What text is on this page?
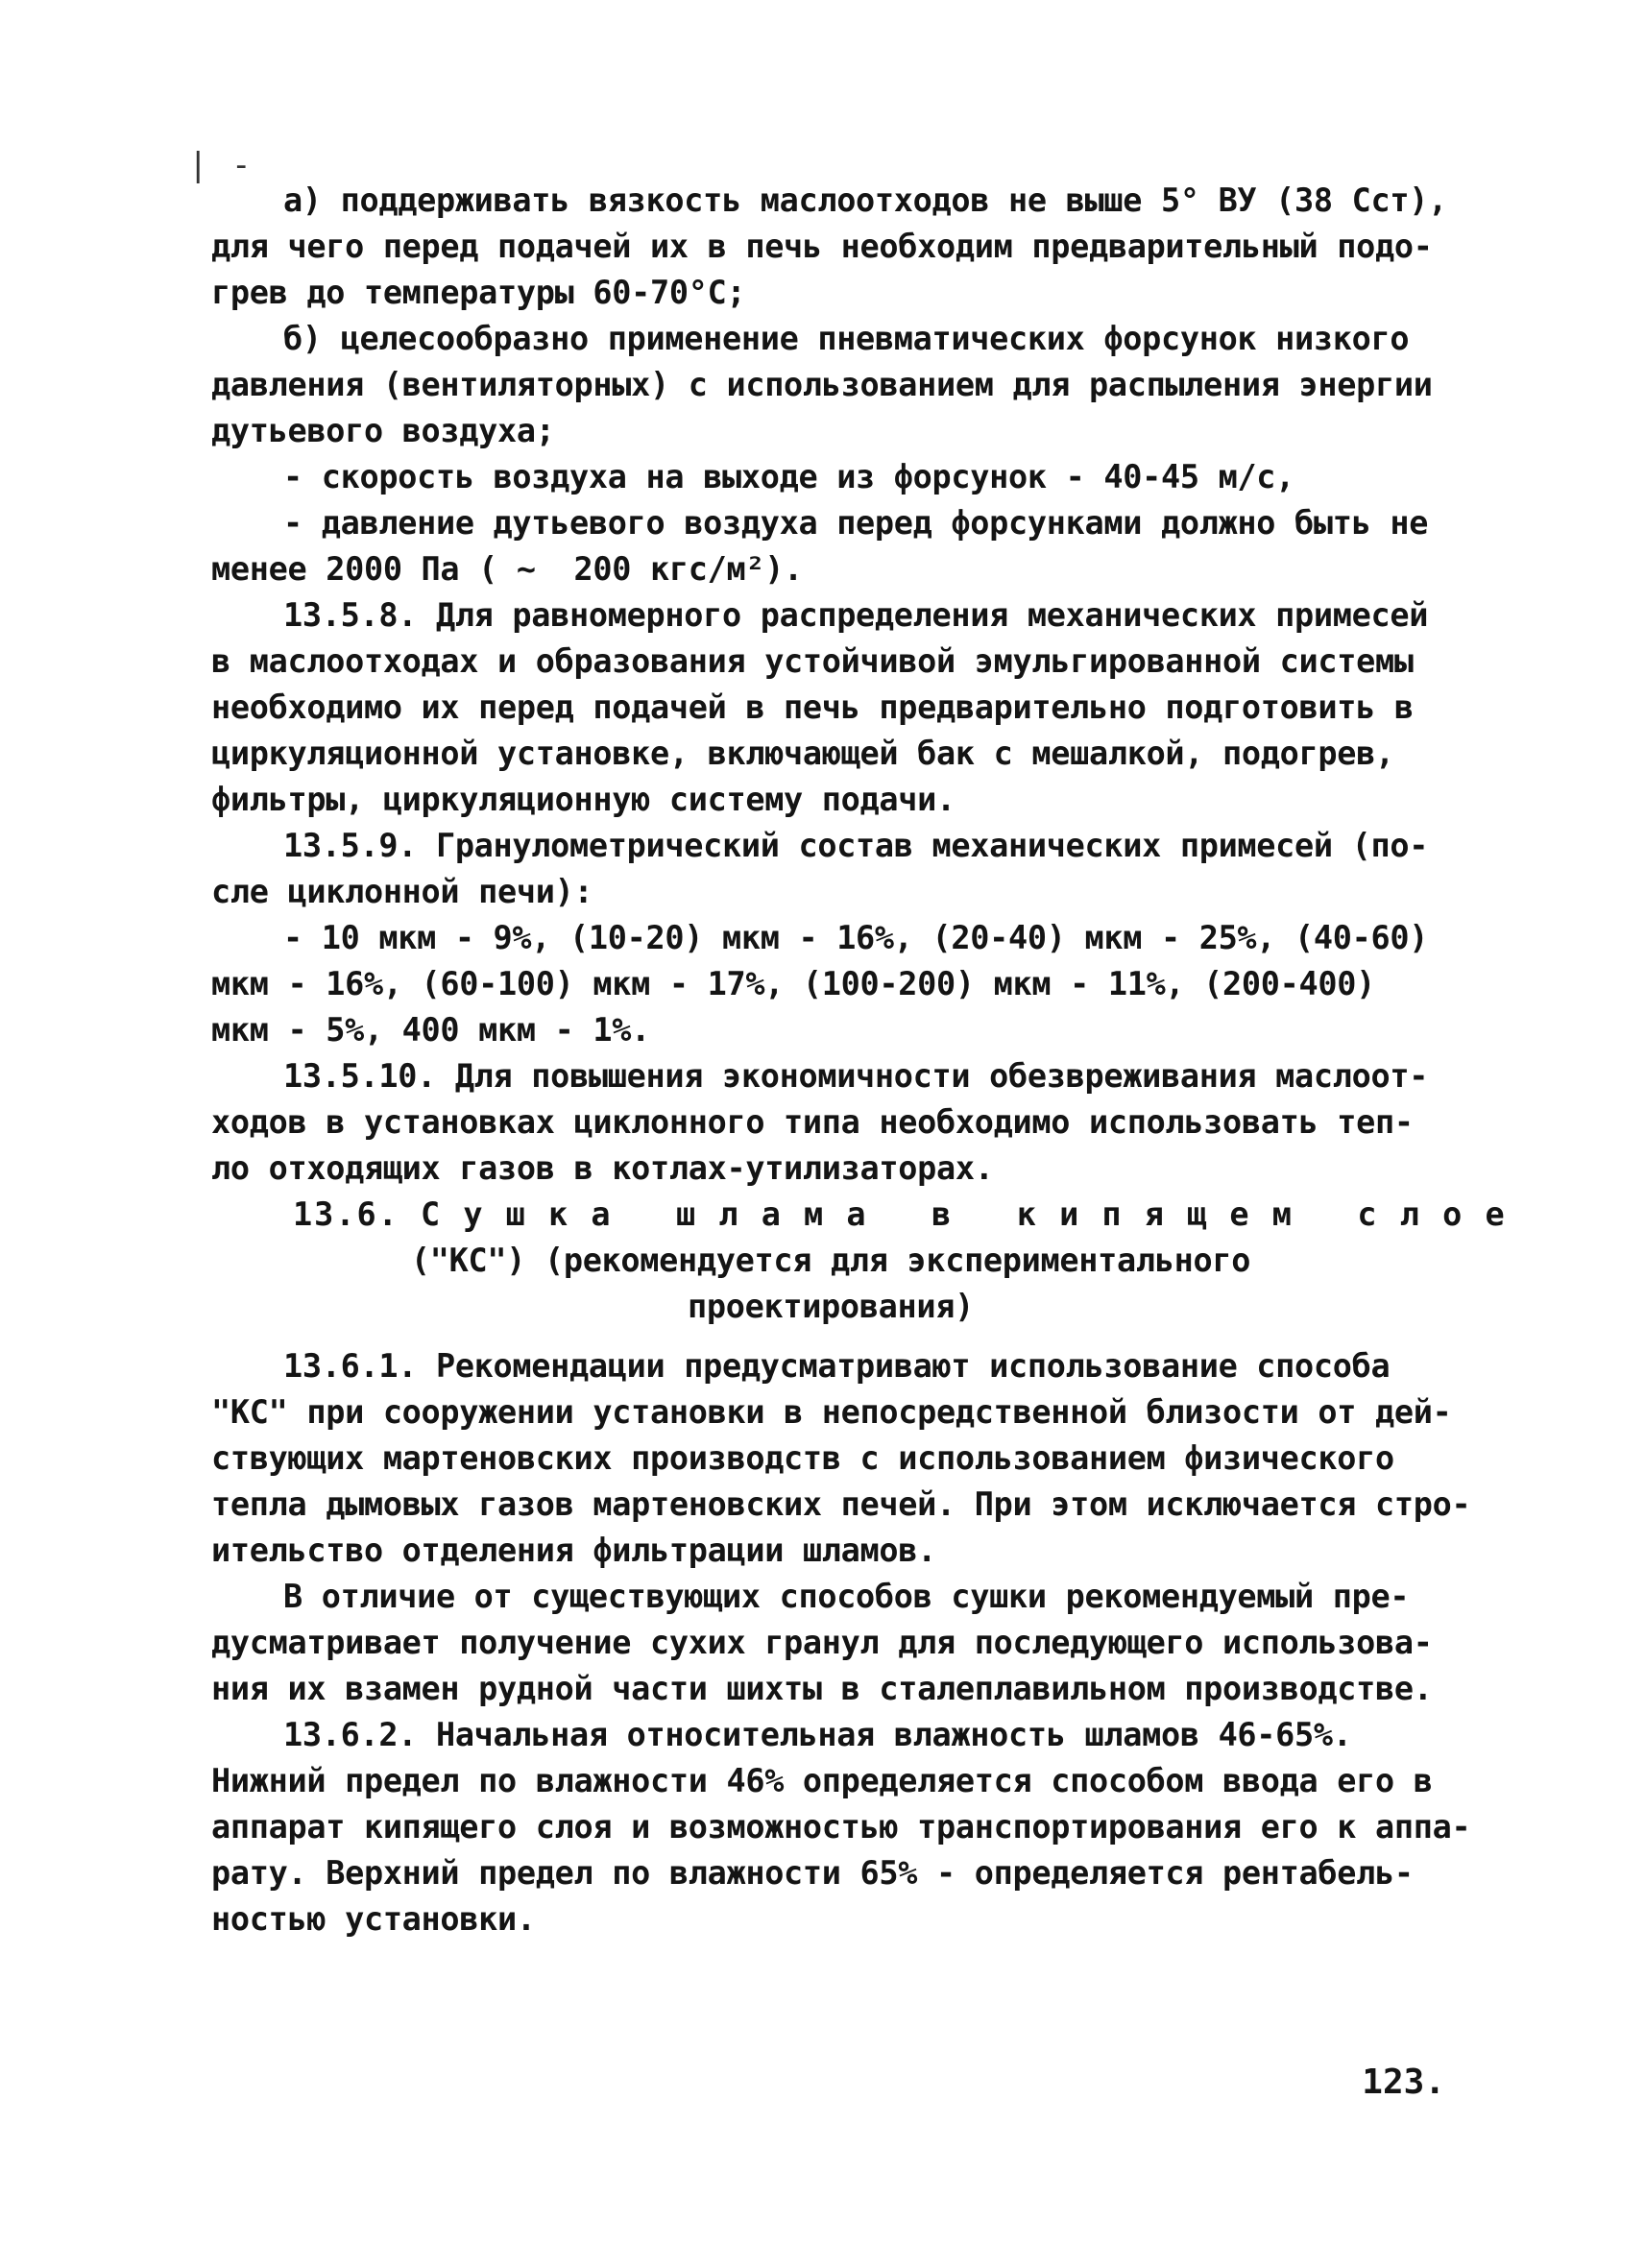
| -
а) поддерживать вязкость маслоотходов не выше 5° ВУ (38 Сст),
для чего перед подачей их в печь необходим предварительный подо-
грев до температуры 60-70°С;
б) целесообразно применение пневматических форсунок низкого
давления (вентиляторных) с использованием для распыления энергии
дутьевого воздуха;
- скорость воздуха на выходе из форсунок - 40-45 м/с,
- давление дутьевого воздуха перед форсунками должно быть не
менее 2000 Па ( ~  200 кгс/м²).
13.5.8. Для равномерного распределения механических примесей
в маслоотходах и образования устойчивой эмульгированной системы
необходимо их перед подачей в печь предварительно подготовить в
циркуляционной установке, включающей бак с мешалкой, подогрев,
фильтры, циркуляционную систему подачи.
13.5.9. Гранулометрический состав механических примесей (по-
сле циклонной печи):
- 10 мкм - 9%, (10-20) мкм - 16%, (20-40) мкм - 25%, (40-60)
мкм - 16%, (60-100) мкм - 17%, (100-200) мкм - 11%, (200-400)
мкм - 5%, 400 мкм - 1%.
13.5.10. Для повышения экономичности обезвреживания маслоот-
ходов в установках циклонного типа необходимо использовать теп-
ло отходящих газов в котлах-утилизаторах.
13.6. С у ш к а   ш л а м а   в   к и п я щ е м   с л о е
("КС") (рекомендуется для экспериментального
проектирования)
13.6.1. Рекомендации предусматривают использование способа
"КС" при сооружении установки в непосредственной близости от дей-
ствующих мартеновских производств с использованием физического
тепла дымовых газов мартеновских печей. При этом исключается стро-
ительство отделения фильтрации шламов.
В отличие от существующих способов сушки рекомендуемый пре-
дусматривает получение сухих гранул для последующего использова-
ния их взамен рудной части шихты в сталеплавильном производстве.
13.6.2. Начальная относительная влажность шламов 46-65%.
Нижний предел по влажности 46% определяется способом ввода его в
аппарат кипящего слоя и возможностью транспортирования его к аппа-
рату. Верхний предел по влажности 65% - определяется рентабель-
ностью установки.
123.
